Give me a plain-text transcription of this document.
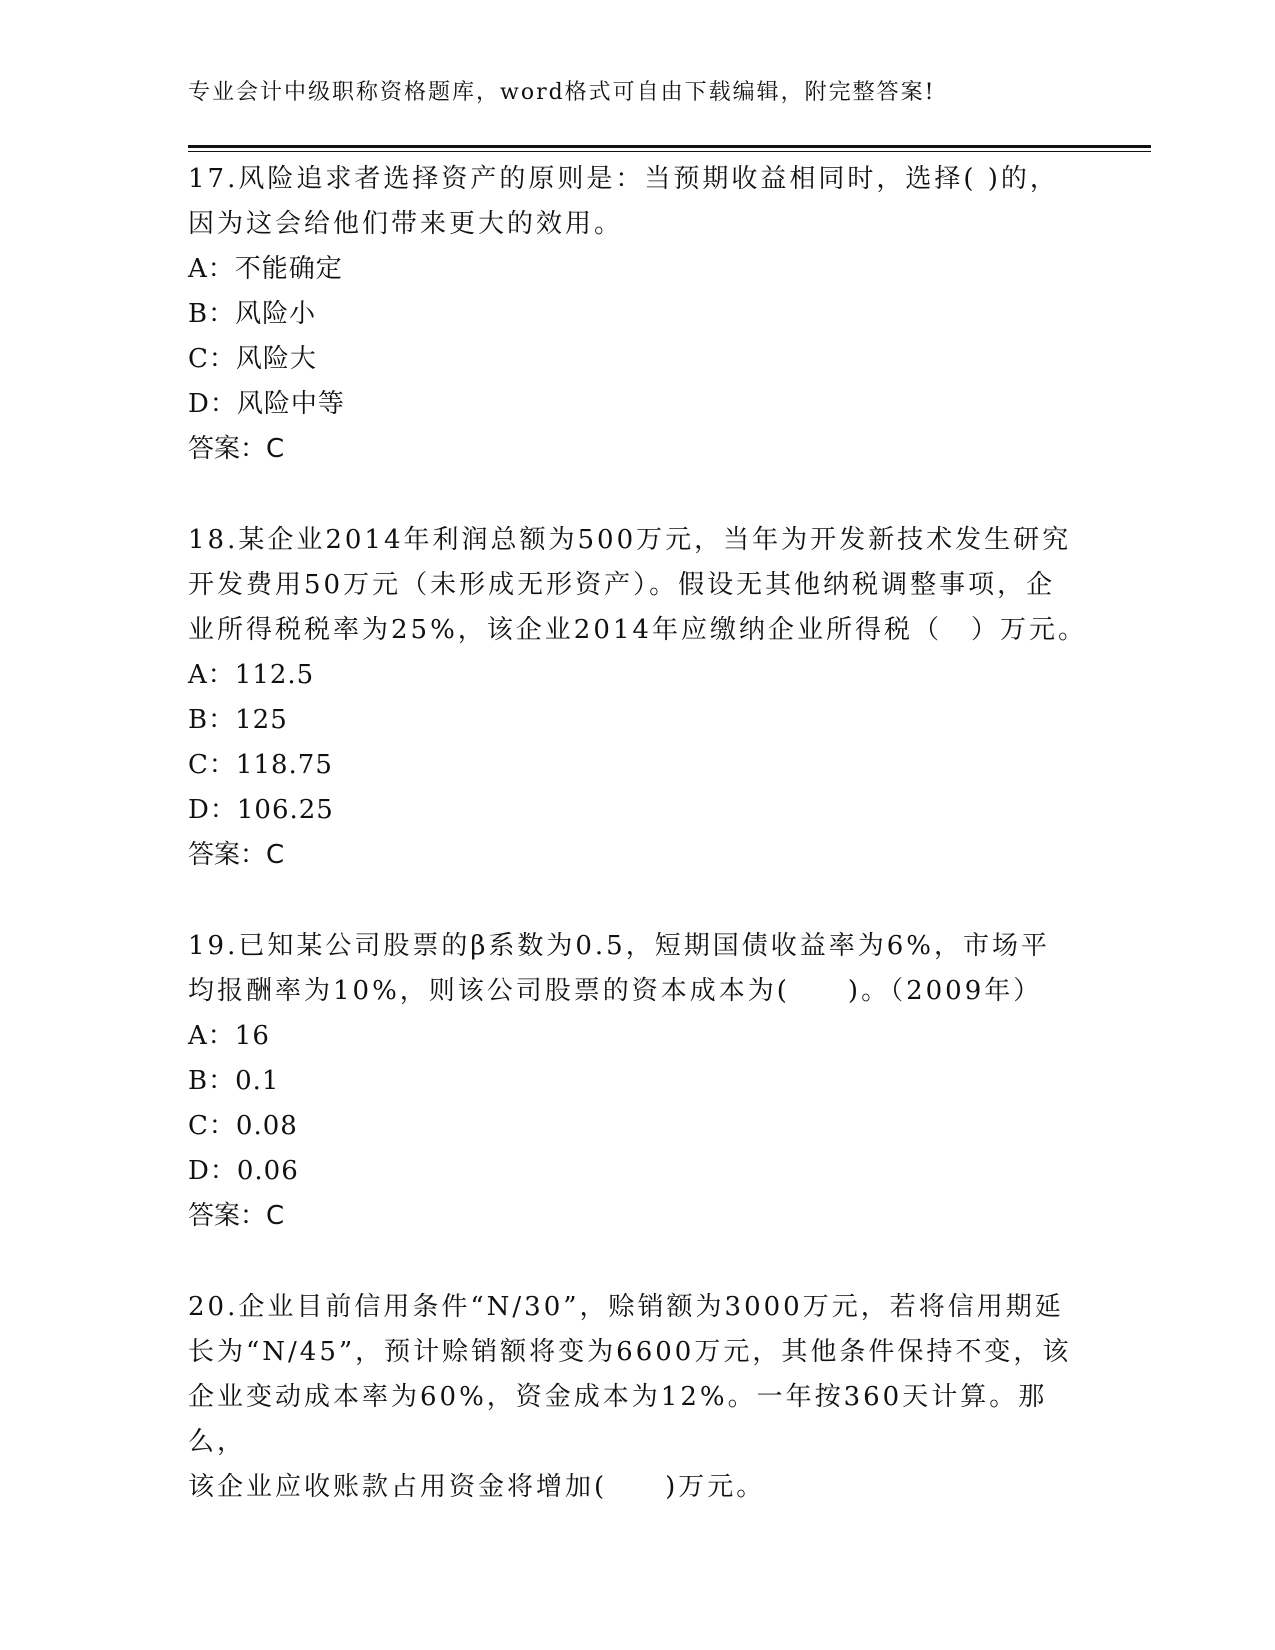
专业会计中级职称资格题库，word格式可自由下载编辑，附完整答案!
17.风险追求者选择资产的原则是：当预期收益相同时，选择( )的，
因为这会给他们带来更大的效用。
A：不能确定
B：风险小
C：风险大
D：风险中等
答案：C
18.某企业2014年利润总额为500万元，当年为开发新技术发生研究
开发费用50万元（未形成无形资产）。假设无其他纳税调整事项，企
业所得税税率为25%，该企业2014年应缴纳企业所得税（　）万元。
A：112.5
B：125
C：118.75
D：106.25
答案：C
19.已知某公司股票的β系数为0.5，短期国债收益率为6%，市场平
均报酬率为10%，则该公司股票的资本成本为(　　)。（2009年）
A：16
B：0.1
C：0.08
D：0.06
答案：C
20.企业目前信用条件“N/30”，赊销额为3000万元，若将信用期延
长为“N/45”，预计赊销额将变为6600万元，其他条件保持不变，该
企业变动成本率为60%，资金成本为12%。一年按360天计算。那么，
该企业应收账款占用资金将增加(　　)万元。
